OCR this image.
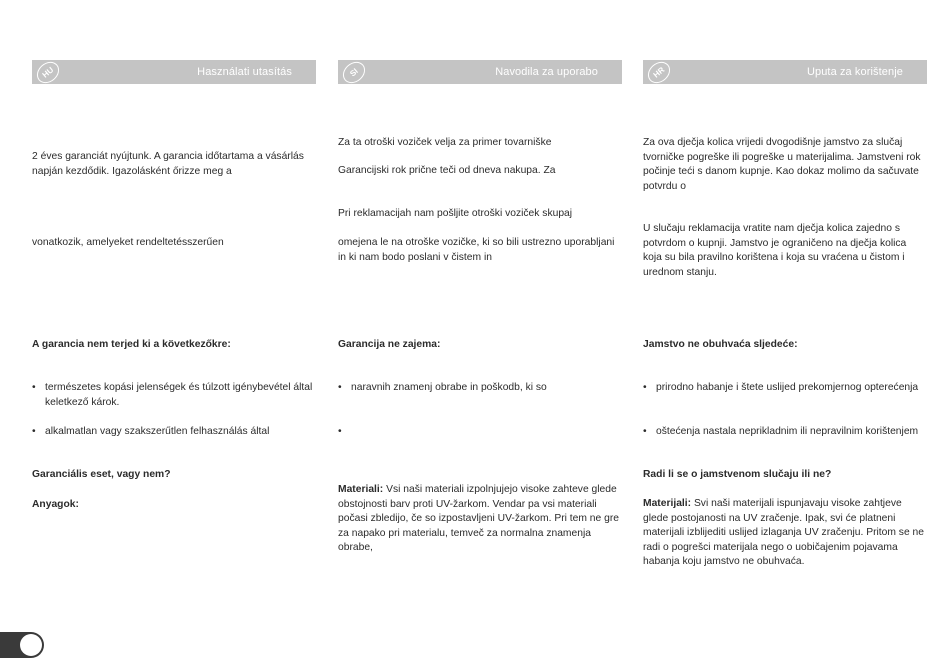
HU	Használati utasítás

2 éves garanciát nyújtunk. A garancia időtartama a vásárlás napján kezdődik. Igazolásként őrizze meg a

vonatkozik, amelyeket rendeltetésszerűen

A garancia nem terjed ki a következőkre:

• természetes kopási jelenségek és túlzott igénybevétel által keletkező károk.
• alkalmatlan vagy szakszerűtlen felhasználás által

Garanciális eset, vagy nem?

Anyagok:

SI	Navodila za uporabo

Za ta otroški voziček velja za primer tovarniške

Garancijski rok prične teči od dneva nakupa. Za

Pri reklamacijah nam pošljite otroški voziček skupaj

omejena le na otroške vozičke, ki so bili ustrezno uporabljani in ki nam bodo poslani v čistem in

Garancija ne zajema:

• naravnih znamenj obrabe in poškodb, ki so
•

Materiali: Vsi naši materiali izpolnjujejo visoke zahteve glede obstojnosti barv proti UV-žarkom. Vendar pa vsi materiali počasi zbledijo, če so izpostavljeni UV-žarkom. Pri tem ne gre za napako pri materialu, temveč za normalna znamenja obrabe,

HR	Uputa za korištenje

Za ova dječja kolica vrijedi dvogodišnje jamstvo za slučaj tvorničke pogreške ili pogreške u materijalima. Jamstveni rok počinje teći s danom kupnje. Kao dokaz molimo da sačuvate potvrdu o

U slučaju reklamacija vratite nam dječja kolica zajedno s potvrdom o kupnji. Jamstvo je ograničeno na dječja kolica koja su bila pravilno korištena i koja su vraćena u čistom i urednom stanju.

Jamstvo ne obuhvaća sljedeće:

• prirodno habanje i štete uslijed prekomjernog opterećenja
• oštećenja nastala neprikladnim ili nepravilnim korištenjem

Radi li se o jamstvenom slučaju ili ne?

Materijali: Svi naši materijali ispunjavaju visoke zahtjeve glede postojanosti na UV zračenje. Ipak, svi će platneni materijali izblijediti uslijed izlaganja UV zračenju. Pritom se ne radi o pogrešci materijala nego o uobičajenim pojavama habanja koju jamstvo ne obuhvaća.
